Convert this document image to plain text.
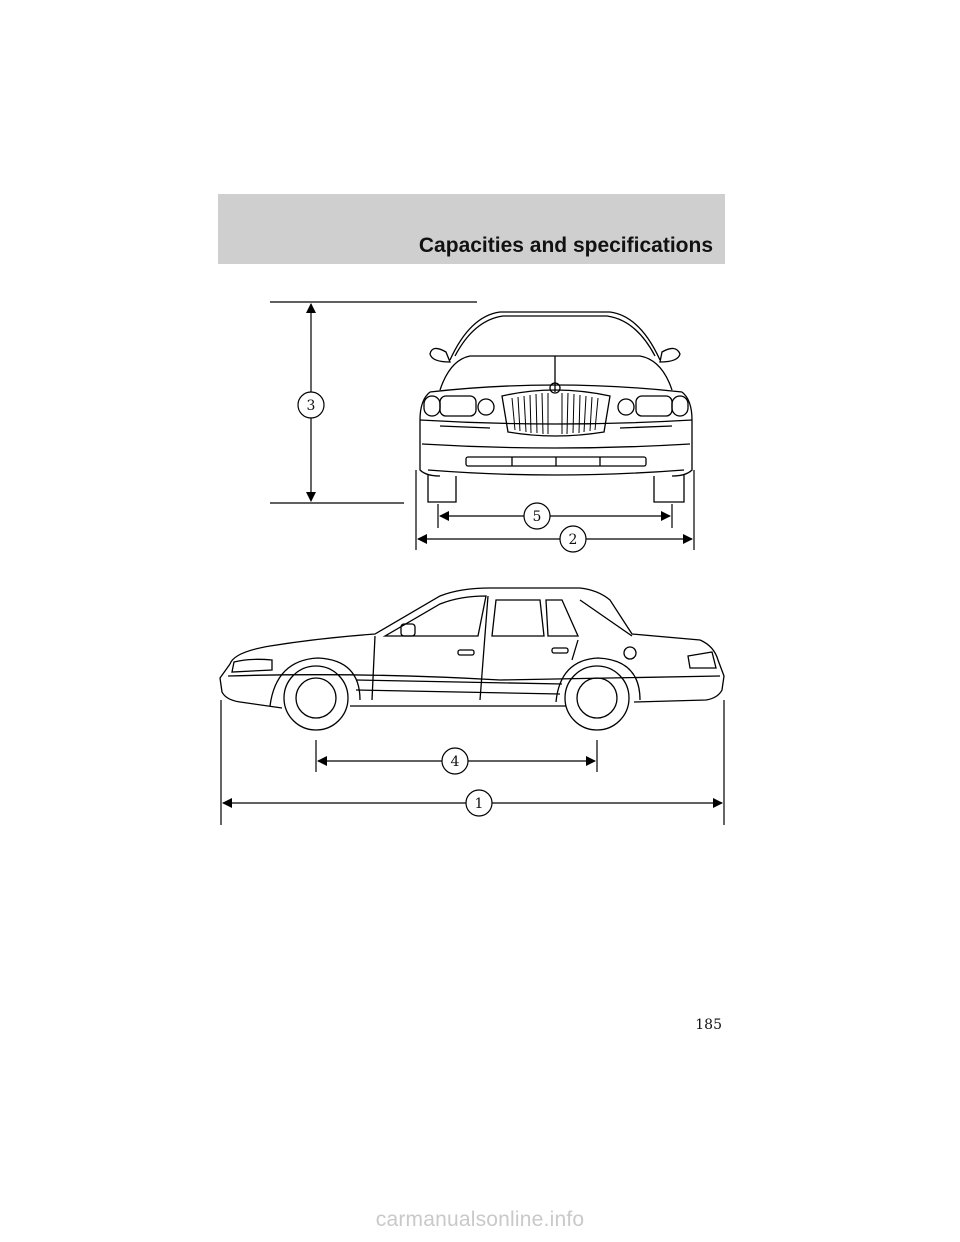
Capacities and specifications
3
5
2
4
1
185
carmanualsonline.info
